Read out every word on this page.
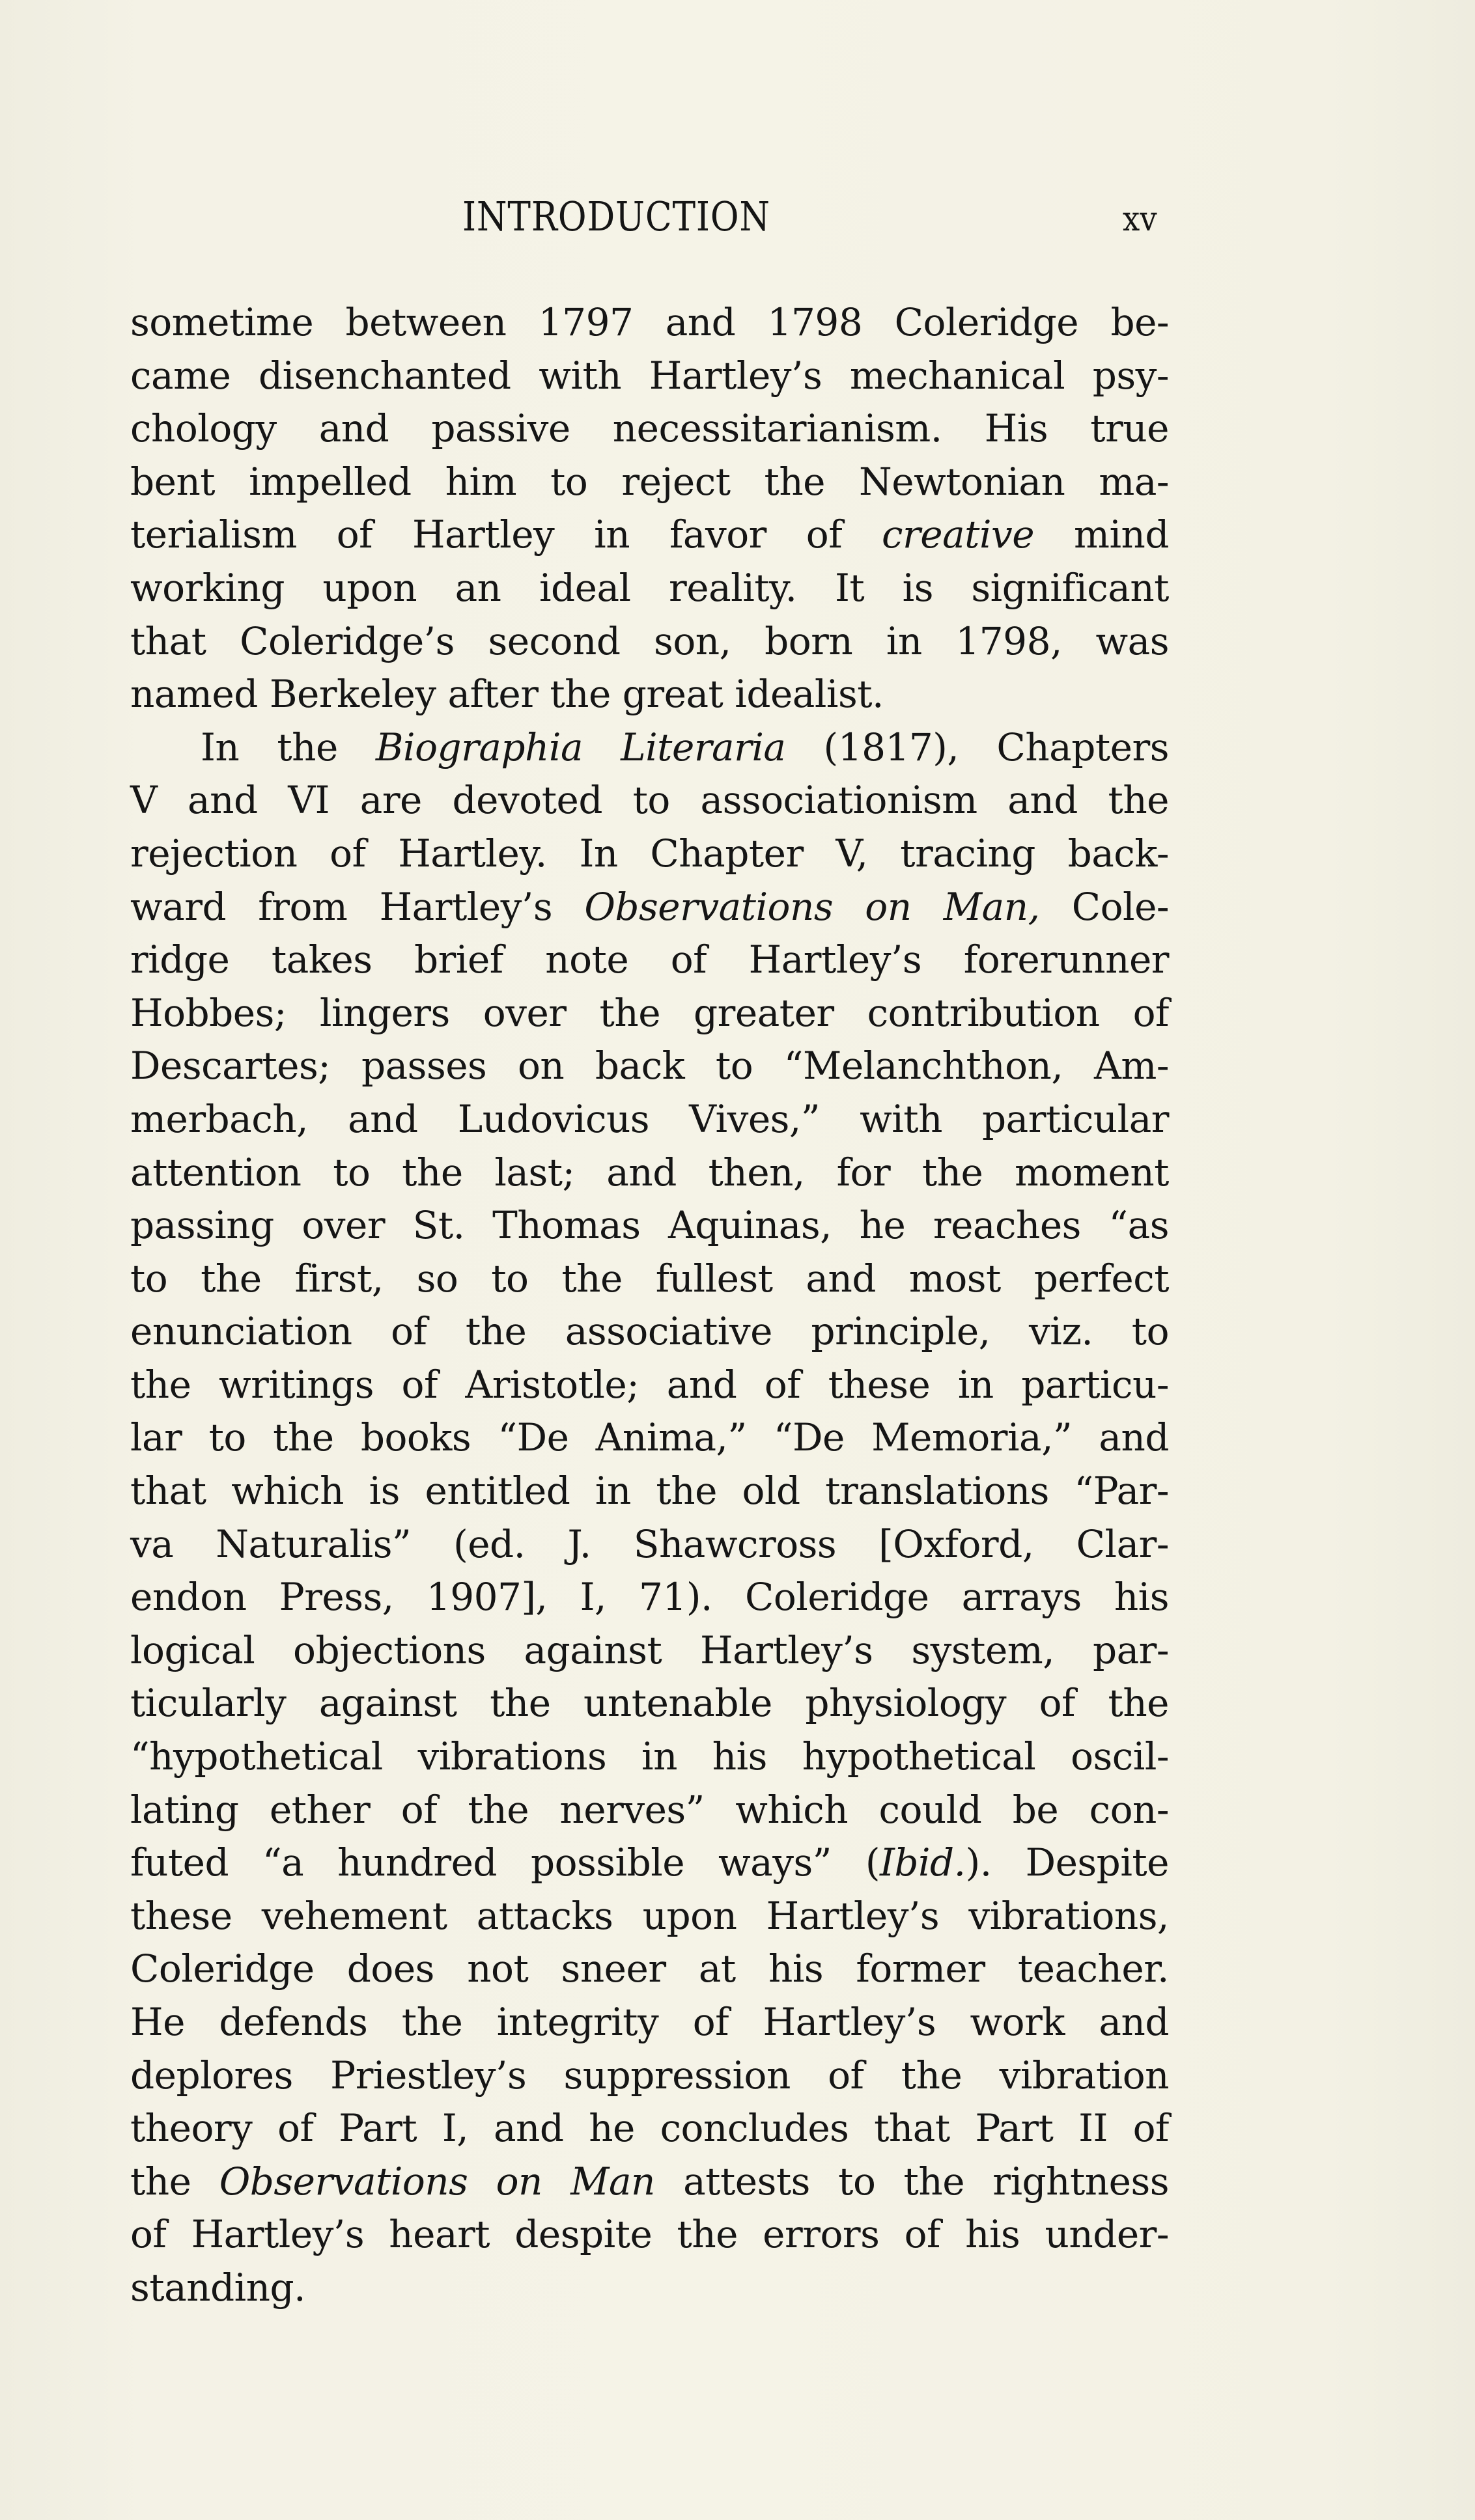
INTRODUCTION	xv
sometime between 1797 and 1798 Coleridge be-
came disenchanted with Hartley’s mechanical psy-
chology and passive necessitarianism. His true
bent impelled him to reject the Newtonian ma-
terialism of Hartley in favor of creative mind
working upon an ideal reality. It is significant
that Coleridge’s second son, born in 1798, was
named Berkeley after the great idealist.
In the Biographia Literaria (1817), Chapters
V and VI are devoted to associationism and the
rejection of Hartley. In Chapter V, tracing back-
ward from Hartley’s Observations on Man, Cole-
ridge takes brief note of Hartley’s forerunner
Hobbes; lingers over the greater contribution of
Descartes; passes on back to “Melanchthon, Am-
merbach, and Ludovicus Vives,” with particular
attention to the last; and then, for the moment
passing over St. Thomas Aquinas, he reaches “as
to the first, so to the fullest and most perfect
enunciation of the associative principle, viz. to
the writings of Aristotle; and of these in particu-
lar to the books “De Anima,” “De Memoria,” and
that which is entitled in the old translations “Par-
va Naturalis” (ed. J. Shawcross [Oxford, Clar-
endon Press, 1907], I, 71). Coleridge arrays his
logical objections against Hartley’s system, par-
ticularly against the untenable physiology of the
“hypothetical vibrations in his hypothetical oscil-
lating ether of the nerves” which could be con-
futed “a hundred possible ways” (Ibid.). Despite
these vehement attacks upon Hartley’s vibrations,
Coleridge does not sneer at his former teacher.
He defends the integrity of Hartley’s work and
deplores Priestley’s suppression of the vibration
theory of Part I, and he concludes that Part II of
the Observations on Man attests to the rightness
of Hartley’s heart despite the errors of his under-
standing.
